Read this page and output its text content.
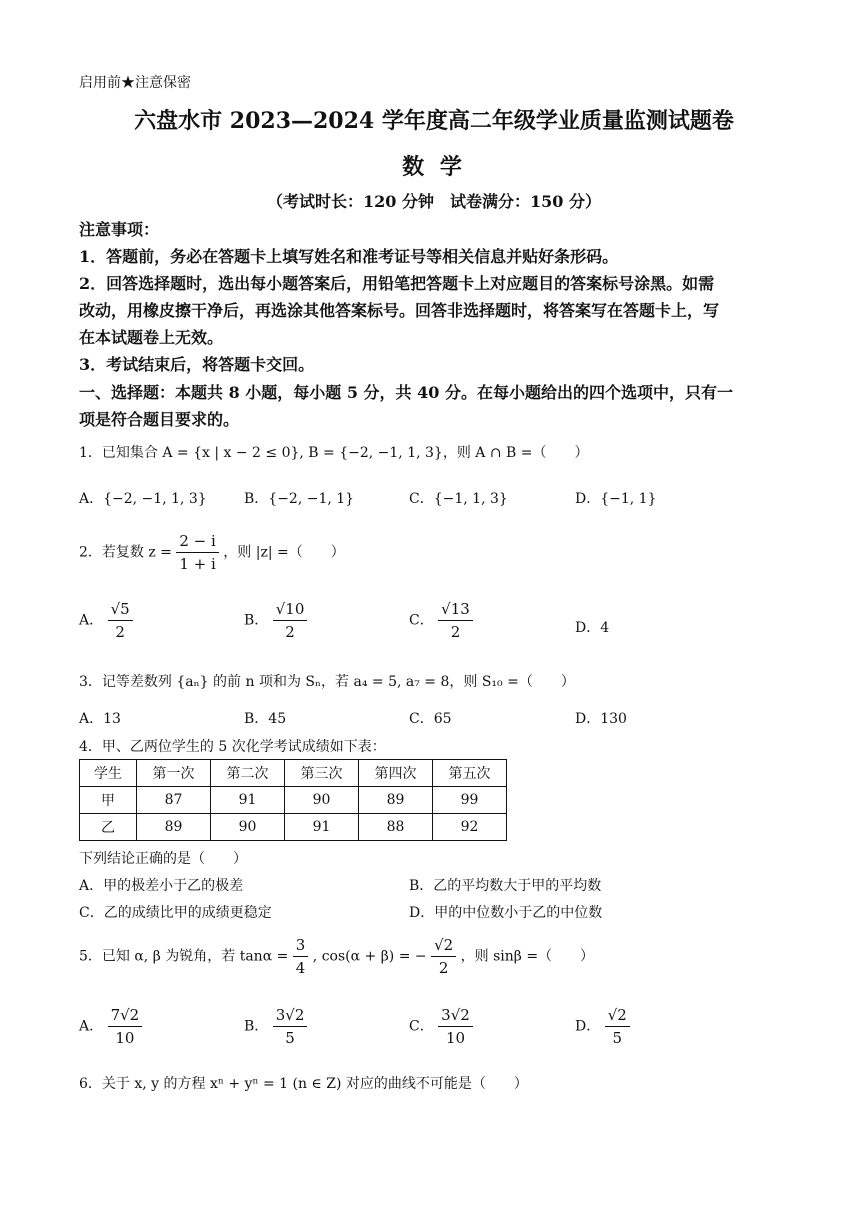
启用前★注意保密
六盘水市 2023—2024 学年度高二年级学业质量监测试题卷
数 学
（考试时长：120 分钟　试卷满分：150 分）
注意事项：
1．答题前，务必在答题卡上填写姓名和准考证号等相关信息并贴好条形码。
2．回答选择题时，选出每小题答案后，用铅笔把答题卡上对应题目的答案标号涂黑。如需
改动，用橡皮擦干净后，再选涂其他答案标号。回答非选择题时，将答案写在答题卡上，写
在本试题卷上无效。
3．考试结束后，将答题卡交回。
一、选择题：本题共 8 小题，每小题 5 分，共 40 分。在每小题给出的四个选项中，只有一
项是符合题目要求的。
1．已知集合 A = {x | x − 2 ≤ 0}, B = {−2, −1, 1, 3}，则 A ∩ B =（　　）
A．{−2, −1, 1, 3}	B．{−2, −1, 1}	C．{−1, 1, 3}	D．{−1, 1}
2．若复数 $z = \frac{2 - i}{1 + i}$ ，则 |z| =（　　）
A． $\frac{√5}{2}$	B． $\frac{√10}{2}$	C． $\frac{√13}{2}$	D．4
3．记等差数列 {aₙ} 的前 n 项和为 Sₙ，若 a₄ = 5, a₇ = 8，则 S₁₀ =（　　）
A．13	B．45	C．65	D．130
4．甲、乙两位学生的 5 次化学考试成绩如下表：
学生	第一次	第二次	第三次	第四次	第五次
甲	87	91	90	89	99
乙	89	90	91	88	92
下列结论正确的是（　　）
A．甲的极差小于乙的极差	B．乙的平均数大于甲的平均数
C．乙的成绩比甲的成绩更稳定	D．甲的中位数小于乙的中位数
5．已知 α, β 为锐角，若 $\tan\alpha = \frac{3}{4}$ , cos(α + β) = − $\frac{√2}{2}$ ，则 sinβ =（　　）
A． $\frac{7√2}{10}$	B． $\frac{3√2}{5}$	C． $\frac{3√2}{10}$	D． $\frac{√2}{5}$
6．关于 x, y 的方程 xⁿ + yⁿ = 1 (n ∈ Z) 对应的曲线不可能是（　　）
